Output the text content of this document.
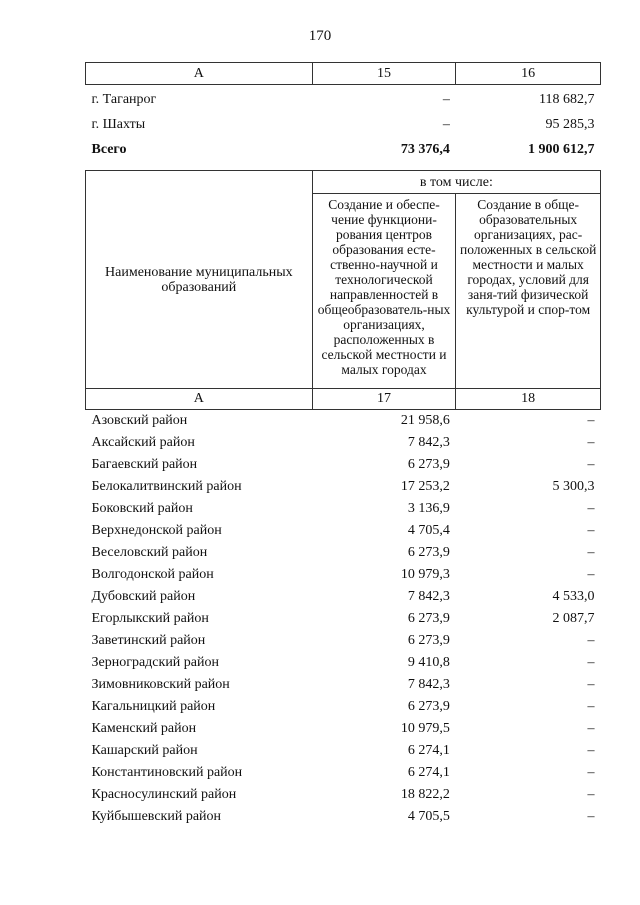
170
А	15	16
г. Таганрог	–	118 682,7
г. Шахты	–	95 285,3
Всего	73 376,4	1 900 612,7
Наименование муниципальных образований	в том числе:	
	Создание и обеспе-чение функциони-рования центров образования есте-ственно-научной и технологической направленностей в общеобразователь-ных организациях, расположенных в сельской местности и малых городах	Создание в обще-образовательных организациях, рас-положенных в сельской местности и малых городах, условий для заня-тий физической культурой и спор-том
А	17	18
Азовский район	21 958,6	–
Аксайский район	7 842,3	–
Багаевский район	6 273,9	–
Белокалитвинский район	17 253,2	5 300,3
Боковский район	3 136,9	–
Верхнедонской район	4 705,4	–
Веселовский район	6 273,9	–
Волгодонской район	10 979,3	–
Дубовский район	7 842,3	4 533,0
Егорлыкский район	6 273,9	2 087,7
Заветинский район	6 273,9	–
Зерноградский район	9 410,8	–
Зимовниковский район	7 842,3	–
Кагальницкий район	6 273,9	–
Каменский район	10 979,5	–
Кашарский район	6 274,1	–
Константиновский район	6 274,1	–
Красносулинский район	18 822,2	–
Куйбышевский район	4 705,5	–
